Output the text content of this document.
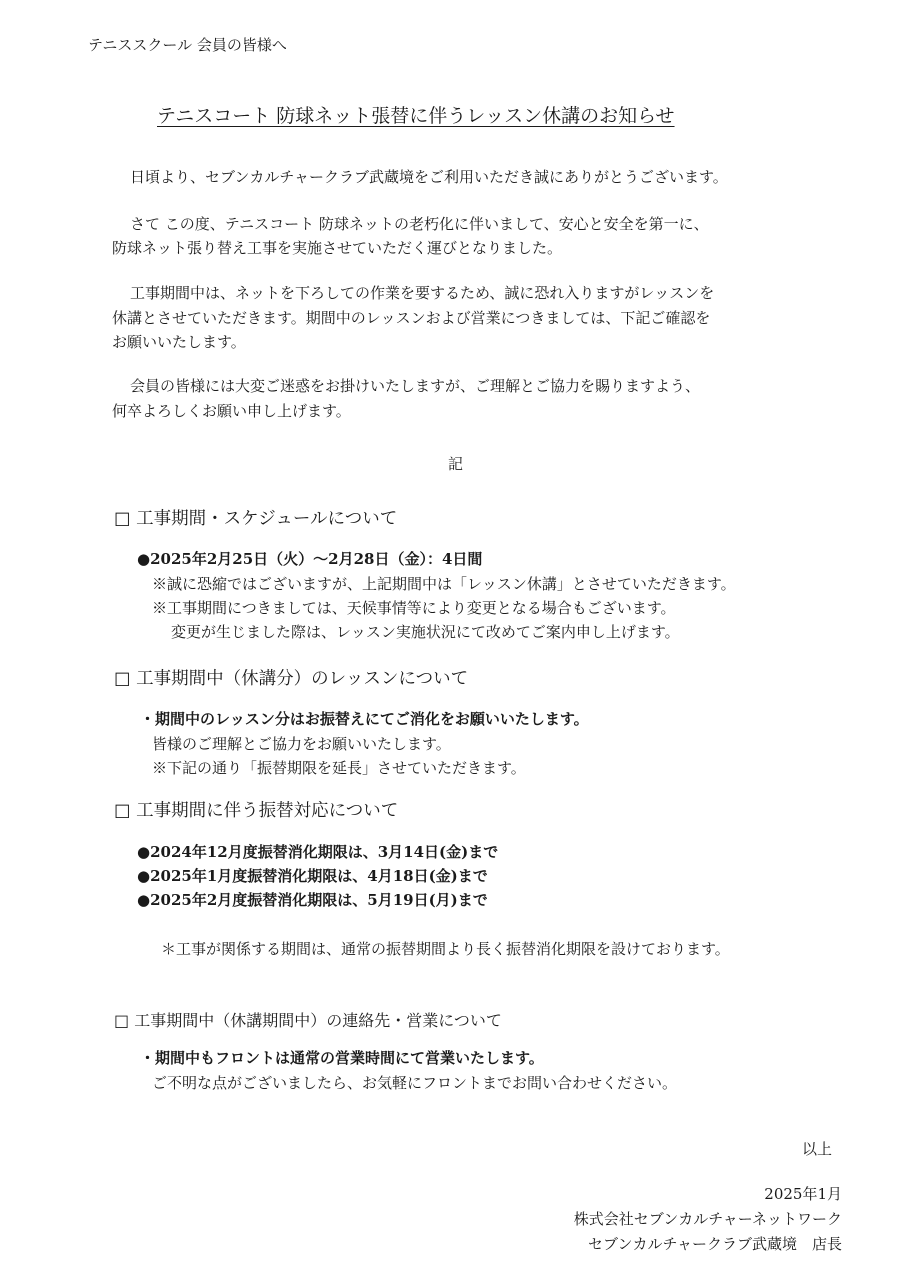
テニススクール 会員の皆様へ
テニスコート 防球ネット張替に伴うレッスン休講のお知らせ
日頃より、セブンカルチャークラブ武蔵境をご利用いただき誠にありがとうございます。
さて この度、テニスコート 防球ネットの老朽化に伴いまして、安心と安全を第一に、
防球ネット張り替え工事を実施させていただく運びとなりました。
工事期間中は、ネットを下ろしての作業を要するため、誠に恐れ入りますがレッスンを
休講とさせていただきます。期間中のレッスンおよび営業につきましては、下記ご確認を
お願いいたします。
会員の皆様には大変ご迷惑をお掛けいたしますが、ご理解とご協力を賜りますよう、
何卒よろしくお願い申し上げます。
記
□ 工事期間・スケジュールについて
●2025年2月25日（火）〜2月28日（金）：4日間
※誠に恐縮ではございますが、上記期間中は「レッスン休講」とさせていただきます。
※工事期間につきましては、天候事情等により変更となる場合もございます。
変更が生じました際は、レッスン実施状況にて改めてご案内申し上げます。
□ 工事期間中（休講分）のレッスンについて
・期間中のレッスン分はお振替えにてご消化をお願いいたします。
皆様のご理解とご協力をお願いいたします。
※下記の通り「振替期限を延長」させていただきます。
□ 工事期間に伴う振替対応について
●2024年12月度振替消化期限は、3月14日(金)まで
●2025年1月度振替消化期限は、4月18日(金)まで
●2025年2月度振替消化期限は、5月19日(月)まで
＊工事が関係する期間は、通常の振替期間より長く振替消化期限を設けております。
□ 工事期間中（休講期間中）の連絡先・営業について
・期間中もフロントは通常の営業時間にて営業いたします。
ご不明な点がございましたら、お気軽にフロントまでお問い合わせください。
以上
2025年1月
株式会社セブンカルチャーネットワーク
セブンカルチャークラブ武蔵境　店長
